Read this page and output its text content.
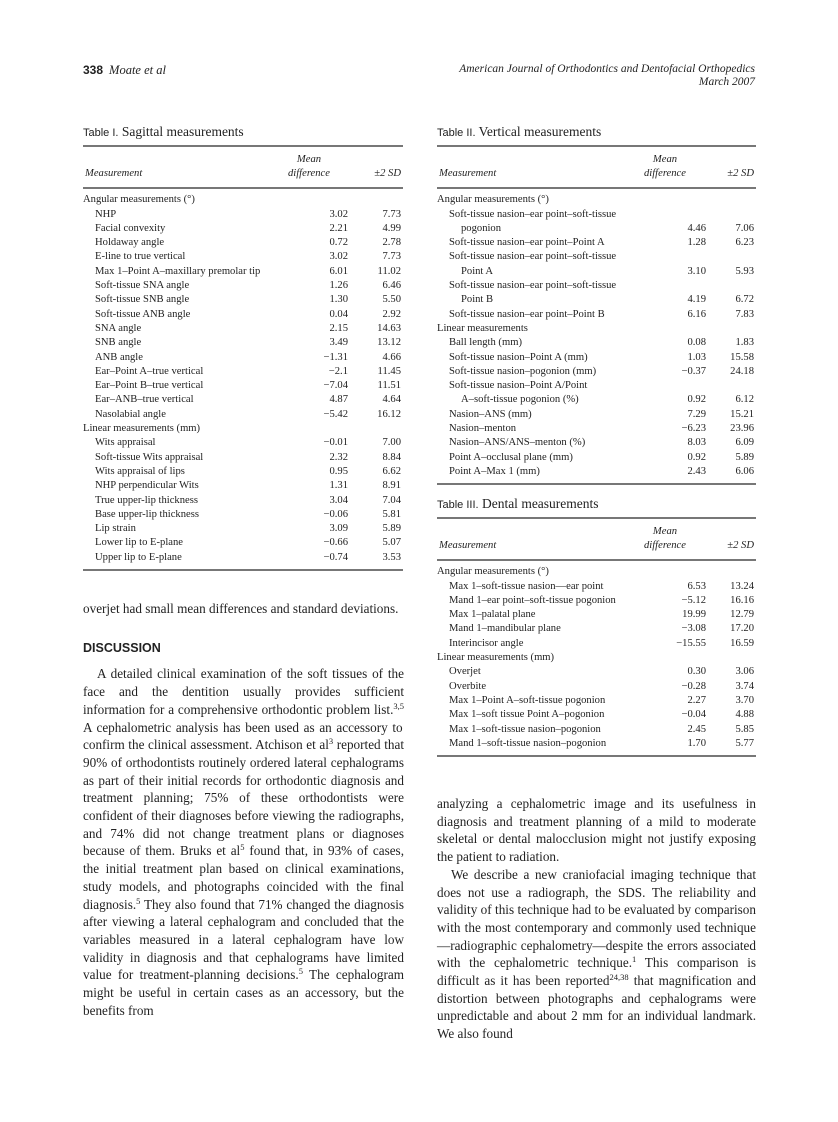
338 Moate et al	American Journal of Orthodontics and Dentofacial Orthopedics
March 2007
Table I. Sagittal measurements
Measurement
Mean
difference	±2 SD
Angular measurements (°)
NHP	3.02	7.73
Facial convexity	2.21	4.99
Holdaway angle	0.72	2.78
E-line to true vertical	3.02	7.73
Max 1–Point A–maxillary premolar tip	6.01	11.02
Soft-tissue SNA angle	1.26	6.46
Soft-tissue SNB angle	1.30	5.50
Soft-tissue ANB angle	0.04	2.92
SNA angle	2.15	14.63
SNB angle	3.49	13.12
ANB angle	−1.31	4.66
Ear–Point A–true vertical	−2.1	11.45
Ear–Point B–true vertical	−7.04	11.51
Ear–ANB–true vertical	4.87	4.64
Nasolabial angle	−5.42	16.12
Linear measurements (mm)
Wits appraisal	−0.01	7.00
Soft-tissue Wits appraisal	2.32	8.84
Wits appraisal of lips	0.95	6.62
NHP perpendicular Wits	1.31	8.91
True upper-lip thickness	3.04	7.04
Base upper-lip thickness	−0.06	5.81
Lip strain	3.09	5.89
Lower lip to E-plane	−0.66	5.07
Upper lip to E-plane	−0.74	3.53
Table II. Vertical measurements
Measurement
Mean
difference	±2 SD
Angular measurements (°)
Soft-tissue nasion–ear point–soft-tissue
pogonion	4.46	7.06
Soft-tissue nasion–ear point–Point A	1.28	6.23
Soft-tissue nasion–ear point–soft-tissue
Point A	3.10	5.93
Soft-tissue nasion–ear point–soft-tissue
Point B	4.19	6.72
Soft-tissue nasion–ear point–Point B	6.16	7.83
Linear measurements
Ball length (mm)	0.08	1.83
Soft-tissue nasion–Point A (mm)	1.03 15.58
Soft-tissue nasion–pogonion (mm)	−0.37 24.18
Soft-tissue nasion–Point A/Point
A–soft-tissue pogonion (%)	0.92	6.12
Nasion–ANS (mm)	7.29 15.21
Nasion–menton	−6.23 23.96
Nasion–ANS/ANS–menton (%)	8.03	6.09
Point A–occlusal plane (mm)	0.92	5.89
Point A–Max 1 (mm)	2.43	6.06
Table III. Dental measurements
Measurement
Mean
difference	±2 SD
Angular measurements (°)
Max 1–soft-tissue nasion—ear point	6.53 13.24
Mand 1–ear point–soft-tissue pogonion	−5.12 16.16
Max 1–palatal plane	19.99 12.79
Mand 1–mandibular plane	−3.08 17.20
Interincisor angle	−15.55 16.59
Linear measurements (mm)
Overjet	0.30	3.06
Overbite	−0.28	3.74
Max 1–Point A–soft-tissue pogonion	2.27	3.70
Max 1–soft tissue Point A–pogonion	−0.04	4.88
Max 1–soft-tissue nasion–pogonion	2.45	5.85
Mand 1–soft-tissue nasion–pogonion	1.70	5.77

overjet had small mean differences and standard deviations.

DISCUSSION

A detailed clinical examination of the soft tissues of the face and the dentition usually provides sufficient information for a comprehensive orthodontic problem list.$^{3,5}$ A cephalometric analysis has been used as an accessory to confirm the clinical assessment. Atchison et $al^3$ reported that 90% of orthodontists routinely ordered lateral cephalograms as part of their initial records for orthodontic diagnosis and treatment planning; 75% of these orthodontists were confident of their diagnoses before viewing the radiographs, and 74% did not change treatment plans or diagnoses because of them. Bruks et $al^5$ found that, in 93% of cases, the initial treatment plan based on clinical examinations, study models, and photographs coincided with the final diagnosis.$^5$ They also found that 71% changed the diagnosis after viewing a lateral cephalogram and concluded that the variables measured in a lateral cephalogram have low validity in diagnosis and that cephalograms have limited value for treatment-planning decisions.$^5$ The cephalogram might be useful in certain cases as an accessory, but the benefits from

analyzing a cephalometric image and its usefulness in diagnosis and treatment planning of a mild to moderate skeletal or dental malocclusion might not justify exposing the patient to radiation.

We describe a new craniofacial imaging technique that does not use a radiograph, the SDS. The reliability and validity of this technique had to be evaluated by comparison with the most contemporary and commonly used technique—radiographic cephalometry—despite the errors associated with the cephalometric technique.$^1$ This comparison is difficult as it has been reported$^{24,38}$ that magnification and distortion between photographs and cephalograms were unpredictable and about 2 mm for an individual landmark. We also found
